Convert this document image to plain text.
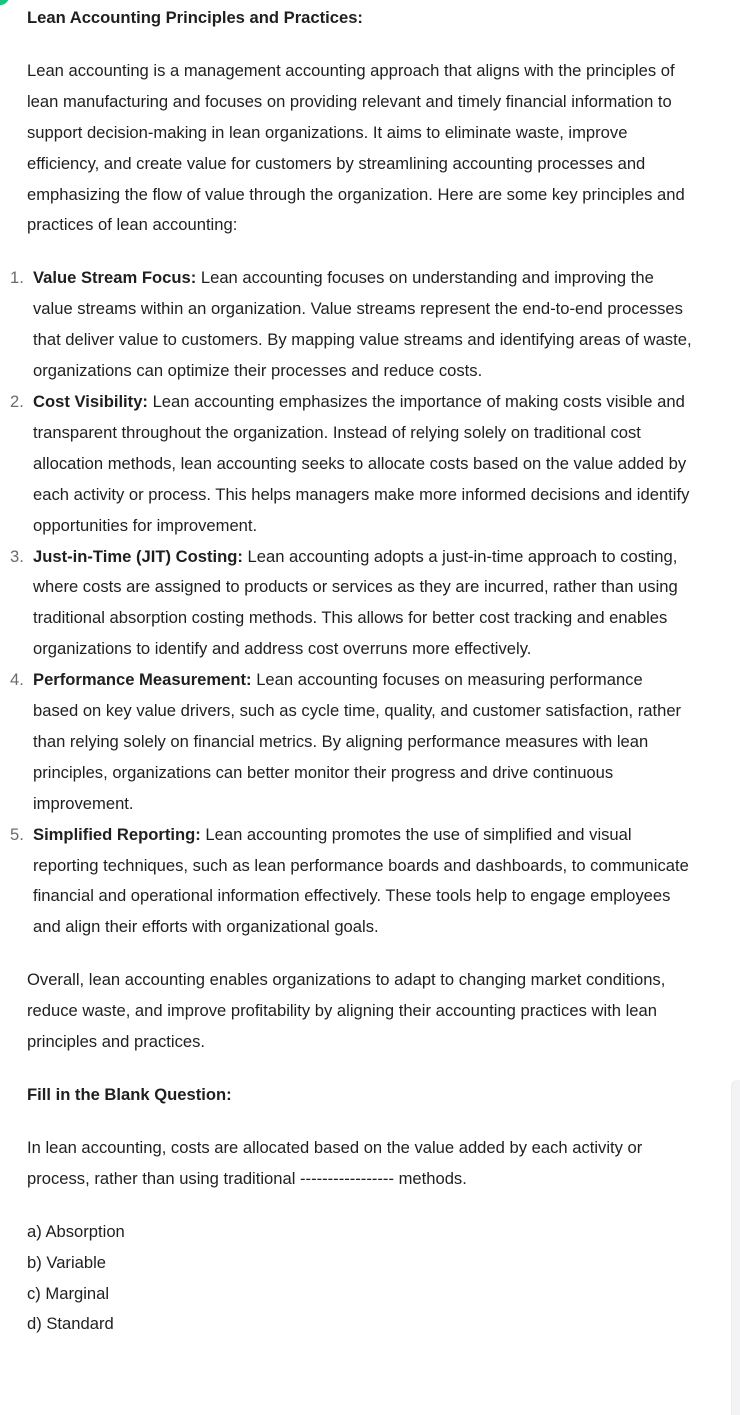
Lean Accounting Principles and Practices:

Lean accounting is a management accounting approach that aligns with the principles of lean manufacturing and focuses on providing relevant and timely financial information to support decision-making in lean organizations. It aims to eliminate waste, improve efficiency, and create value for customers by streamlining accounting processes and emphasizing the flow of value through the organization. Here are some key principles and practices of lean accounting:

1. Value Stream Focus: Lean accounting focuses on understanding and improving the value streams within an organization. Value streams represent the end-to-end processes that deliver value to customers. By mapping value streams and identifying areas of waste, organizations can optimize their processes and reduce costs.
2. Cost Visibility: Lean accounting emphasizes the importance of making costs visible and transparent throughout the organization. Instead of relying solely on traditional cost allocation methods, lean accounting seeks to allocate costs based on the value added by each activity or process. This helps managers make more informed decisions and identify opportunities for improvement.
3. Just-in-Time (JIT) Costing: Lean accounting adopts a just-in-time approach to costing, where costs are assigned to products or services as they are incurred, rather than using traditional absorption costing methods. This allows for better cost tracking and enables organizations to identify and address cost overruns more effectively.
4. Performance Measurement: Lean accounting focuses on measuring performance based on key value drivers, such as cycle time, quality, and customer satisfaction, rather than relying solely on financial metrics. By aligning performance measures with lean principles, organizations can better monitor their progress and drive continuous improvement.
5. Simplified Reporting: Lean accounting promotes the use of simplified and visual reporting techniques, such as lean performance boards and dashboards, to communicate financial and operational information effectively. These tools help to engage employees and align their efforts with organizational goals.

Overall, lean accounting enables organizations to adapt to changing market conditions, reduce waste, and improve profitability by aligning their accounting practices with lean principles and practices.

Fill in the Blank Question:

In lean accounting, costs are allocated based on the value added by each activity or process, rather than using traditional ----------------- methods.

a) Absorption
b) Variable
c) Marginal
d) Standard
